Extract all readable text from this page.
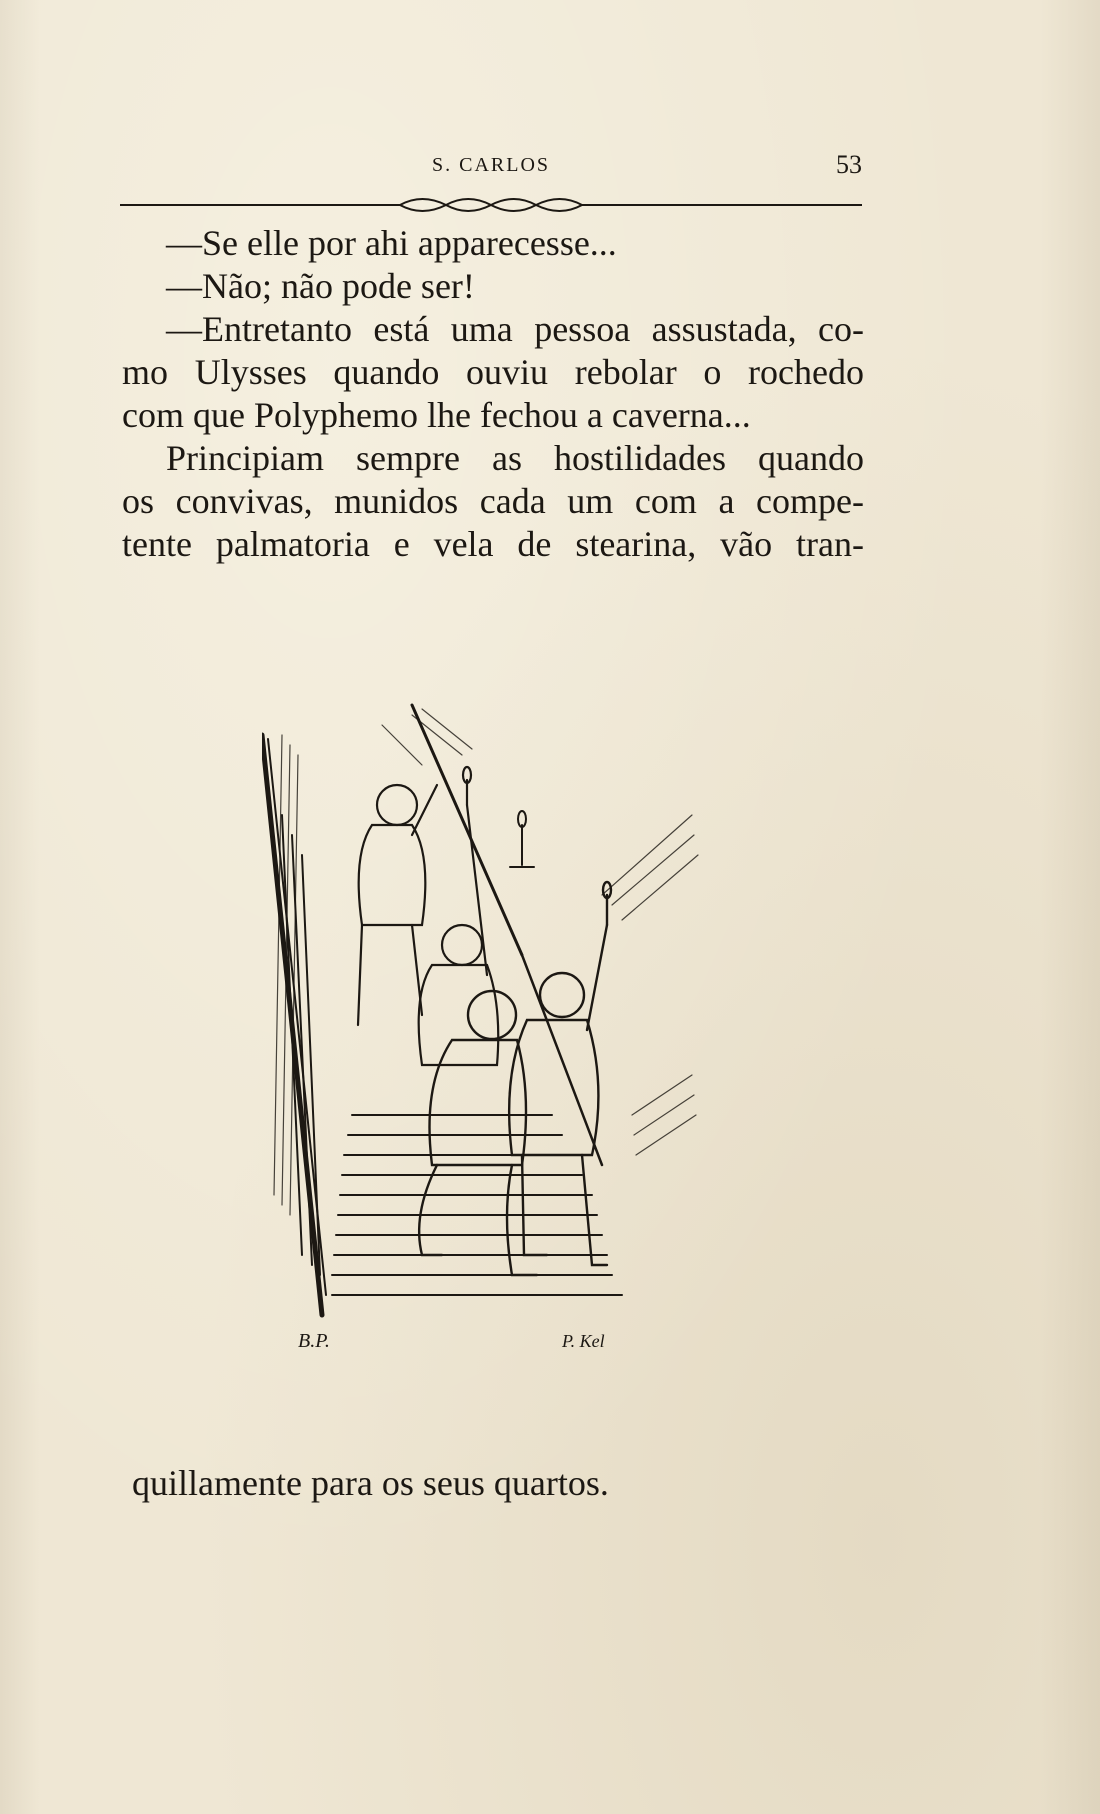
S. CARLOS	53
—Se elle por ahi apparecesse...
—Não; não pode ser!
—Entretanto está uma pessoa assustada, co-
mo Ulysses quando ouviu rebolar o rochedo
com que Polyphemo lhe fechou a caverna...
Principiam sempre as hostilidades quando
os convivas, munidos cada um com a compe-
tente palmatoria e vela de stearina, vão tran-
B.P.	P. Kel
quillamente para os seus quartos.
